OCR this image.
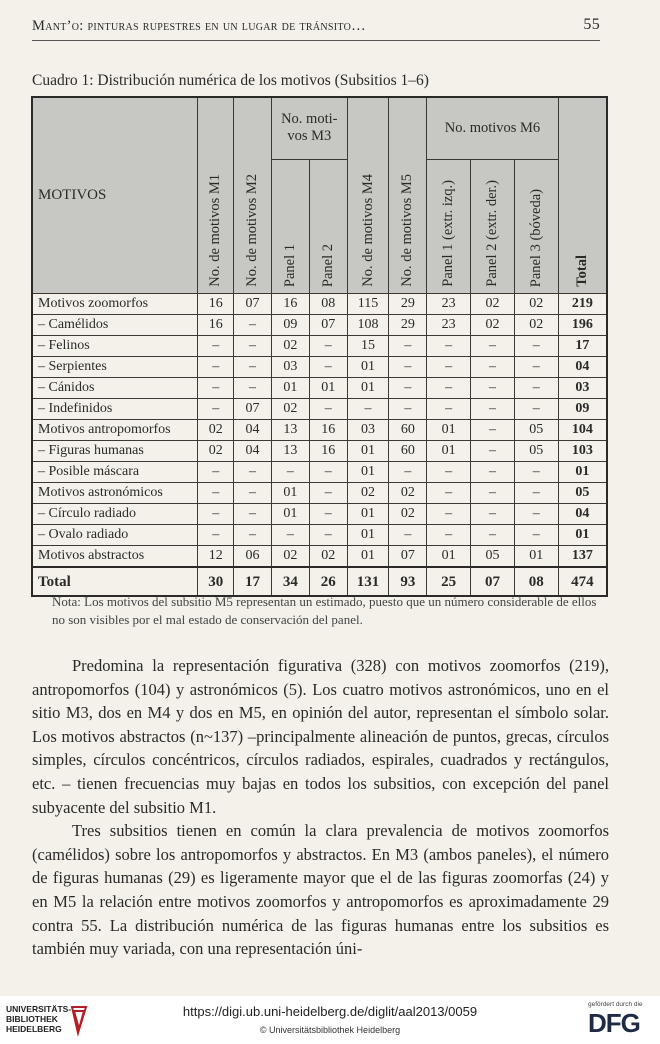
Mant’o: pinturas rupestres en un lugar de tránsito…	55
Cuadro 1: Distribución numérica de los motivos (Subsitios 1–6)
MOTIVOS	No. de motivos M1	No. de motivos M2	No. moti- vos M3		No. de motivos M4	No. de motivos M5	No. motivos M6			Total

			Panel 1	Panel 2			Panel 1 (extr. izq.)	Panel 2 (extr. der.)	Panel 3 (bóveda)	

Motivos zoomorfos	16	07	16	08	115	29	23	02	02	219
– Camélidos	16	–	09	07	108	29	23	02	02	196
– Felinos	–	–	02	–	15	–	–	–	–	17
– Serpientes	–	–	03	–	01	–	–	–	–	04
– Cánidos	–	–	01	01	01	–	–	–	–	03
– Indefinidos	–	07	02	–	–	–	–	–	–	09
Motivos antropomorfos	02	04	13	16	03	60	01	–	05	104
– Figuras humanas	02	04	13	16	01	60	01	–	05	103
– Posible máscara	–	–	–	–	01	–	–	–	–	01
Motivos astronómicos	–	–	01	–	02	02	–	–	–	05
– Círculo radiado	–	–	01	–	01	02	–	–	–	04
– Ovalo radiado	–	–	–	–	01	–	–	–	–	01
Motivos abstractos	12	06	02	02	01	07	01	05	01	137
Total	30	17	34	26	131	93	25	07	08	474
Nota: Los motivos del subsitio M5 representan un estimado, puesto que un número considerable de ellos no son visibles por el mal estado de conservación del panel.

Predomina la representación figurativa (328) con motivos zoomorfos (219), antropomorfos (104) y astronómicos (5). Los cuatro motivos astronómicos, uno en el sitio M3, dos en M4 y dos en M5, en opinión del autor, representan el símbolo solar. Los motivos abstractos (n~137) –principalmente alineación de puntos, grecas, círculos simples, círculos concéntricos, círculos radiados, espirales, cuadrados y rectángulos, etc. – tienen frecuencias muy bajas en todos los subsitios, con excepción del panel subyacente del subsitio M1.

Tres subsitios tienen en común la clara prevalencia de motivos zoomorfos (camélidos) sobre los antropomorfos y abstractos. En M3 (ambos paneles), el número de figuras humanas (29) es ligeramente mayor que el de las figuras zoomorfas (24) y en M5 la relación entre motivos zoomorfos y antropomorfos es aproximadamente 29 contra 55. La distribución numérica de las figuras humanas entre los subsitios es también muy variada, con una representación úni-

UNIVERSITÄTS-
BIBLIOTHEK
HEIDELBERG
https://digi.ub.uni-heidelberg.de/diglit/aal2013/0059
© Universitätsbibliothek Heidelberg
gefördert durch die
DFG
